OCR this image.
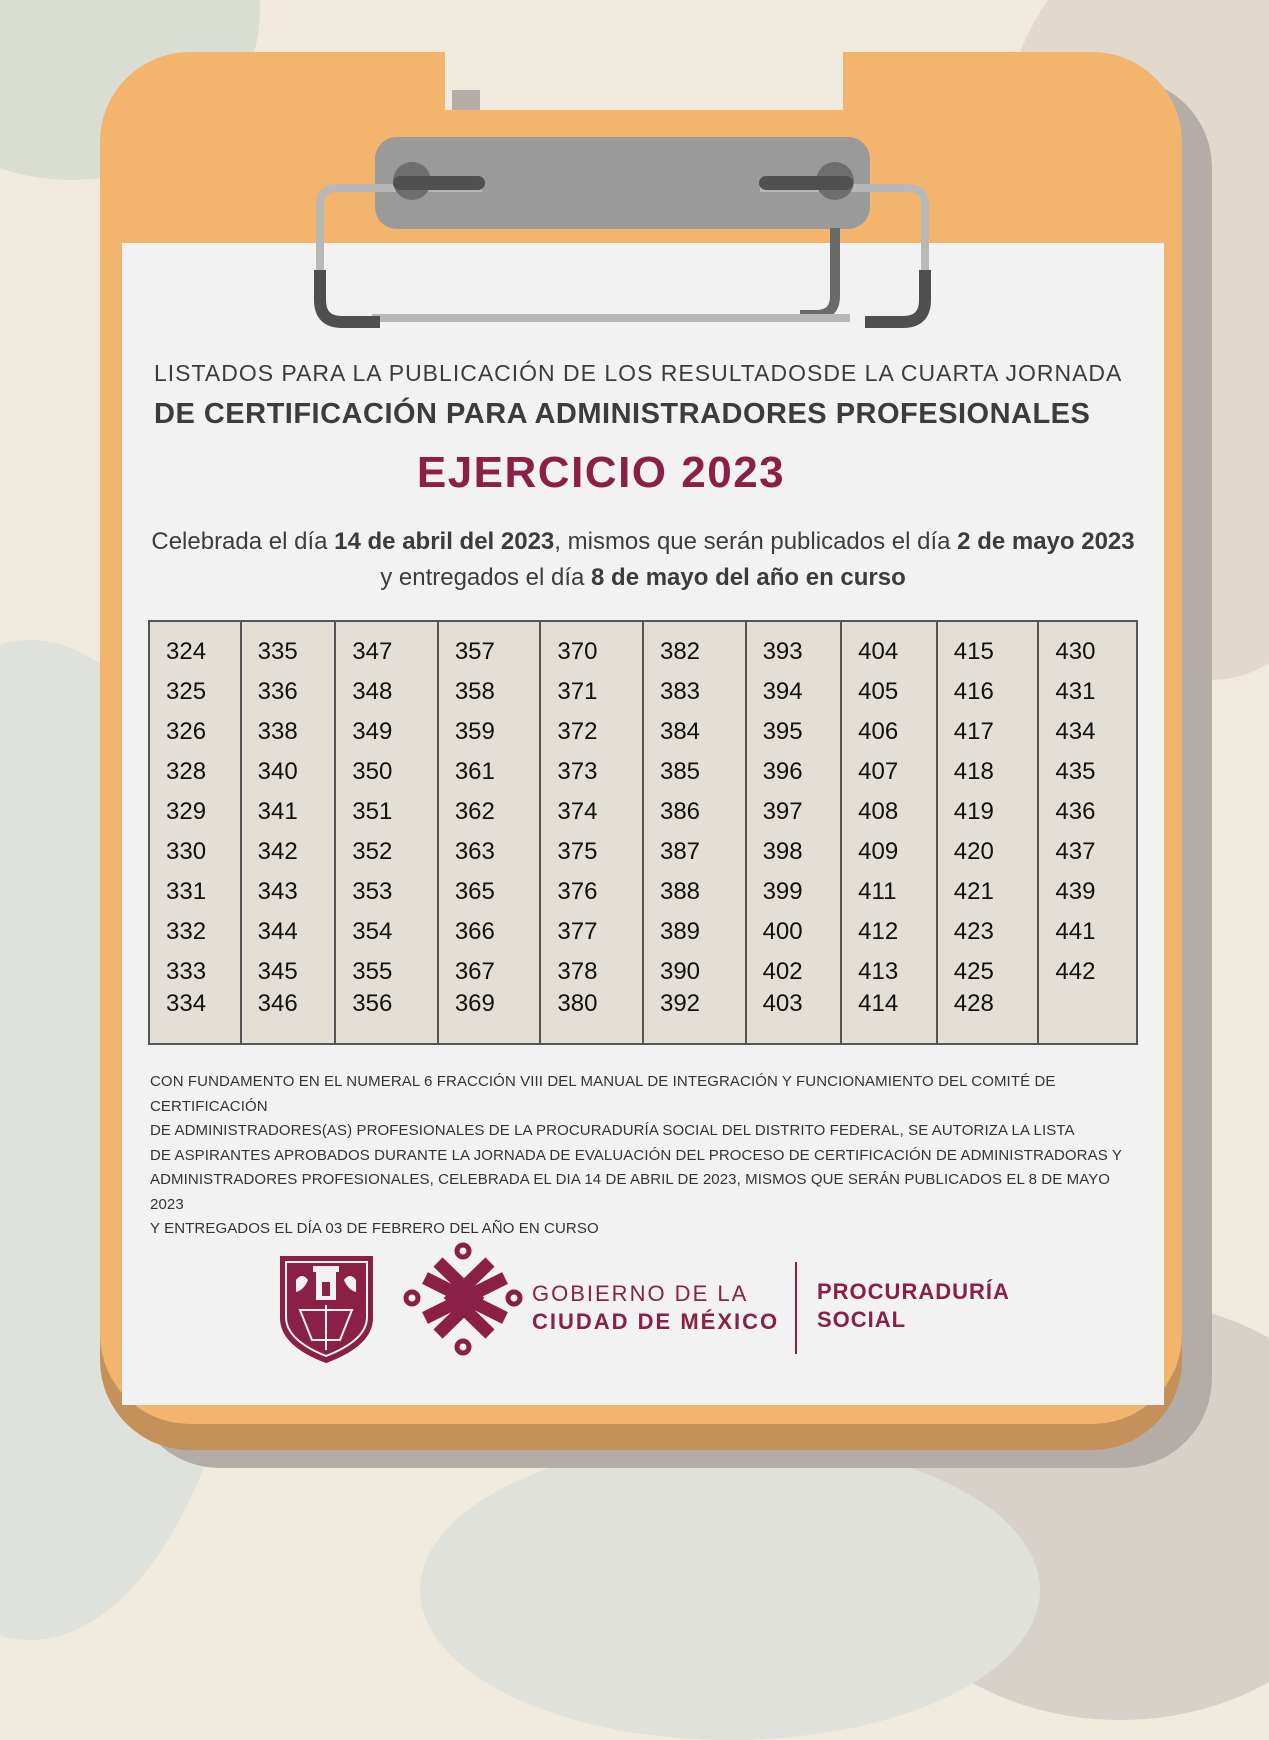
LISTADOS PARA LA PUBLICACIÓN DE LOS RESULTADOSDE LA CUARTA JORNADA
DE CERTIFICACIÓN PARA ADMINISTRADORES PROFESIONALES
EJERCICIO 2023
Celebrada el día 14 de abril del 2023, mismos que serán publicados el día 2 de mayo 2023
y entregados el día 8 de mayo del año en curso
324
325
326
328
329
330
331
332
333
334
335
336
338
340
341
342
343
344
345
346
347
348
349
350
351
352
353
354
355
356
357
358
359
361
362
363
365
366
367
369
370
371
372
373
374
375
376
377
378
380
382
383
384
385
386
387
388
389
390
392
393
394
395
396
397
398
399
400
402
403
404
405
406
407
408
409
411
412
413
414
415
416
417
418
419
420
421
423
425
428
430
431
434
435
436
437
439
441
442
CON FUNDAMENTO EN EL NUMERAL 6 FRACCIÓN VIII DEL MANUAL DE INTEGRACIÓN Y FUNCIONAMIENTO DEL COMITÉ DE CERTIFICACIÓN
DE ADMINISTRADORES(AS) PROFESIONALES DE LA PROCURADURÍA SOCIAL DEL DISTRITO FEDERAL, SE AUTORIZA LA LISTA
DE ASPIRANTES APROBADOS DURANTE LA JORNADA DE EVALUACIÓN DEL PROCESO DE CERTIFICACIÓN DE ADMINISTRADORAS Y
ADMINISTRADORES PROFESIONALES, CELEBRADA EL DIA 14 DE ABRIL DE 2023, MISMOS QUE SERÁN PUBLICADOS EL 8 DE MAYO 2023
Y ENTREGADOS EL DÍA 03 DE FEBRERO DEL AÑO EN CURSO
GOBIERNO DE LA
CIUDAD DE MÉXICO
PROCURADURÍA
SOCIAL
